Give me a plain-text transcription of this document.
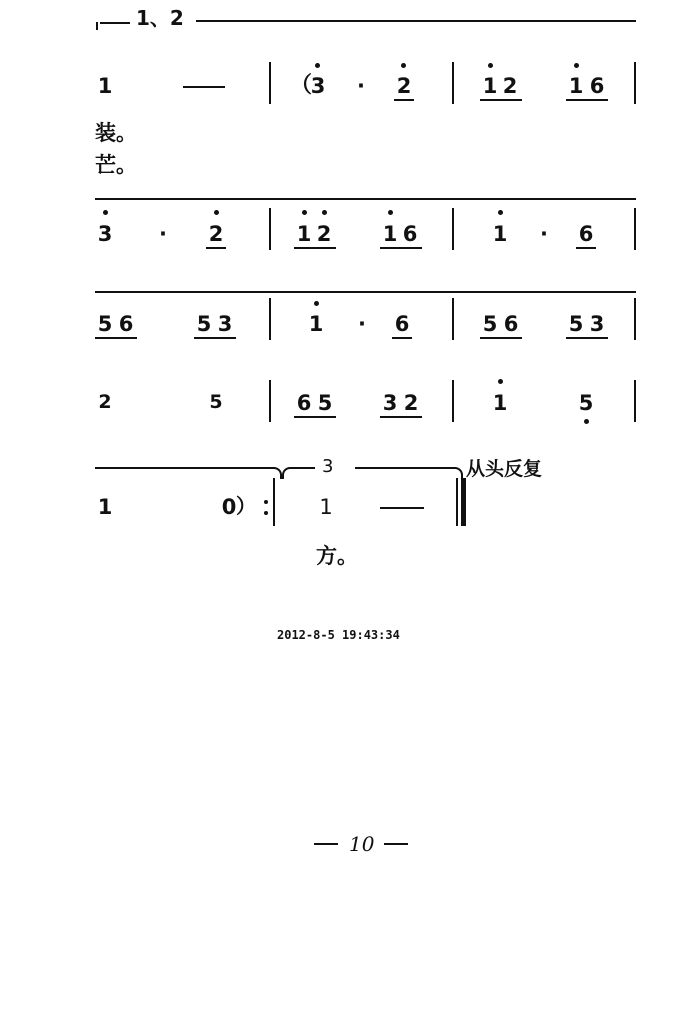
1、2
1	（
3 · 2	1 2 1 6
装。
芒。
3 · 2	1 2 1 6	1 · 6
5 6	5 3	1 · 6	5 6 5 3
2	5	6 5 3 2	1	5
3	从头反复
1	0 ）	1
方。
2012-8-5 19:43:34
10
